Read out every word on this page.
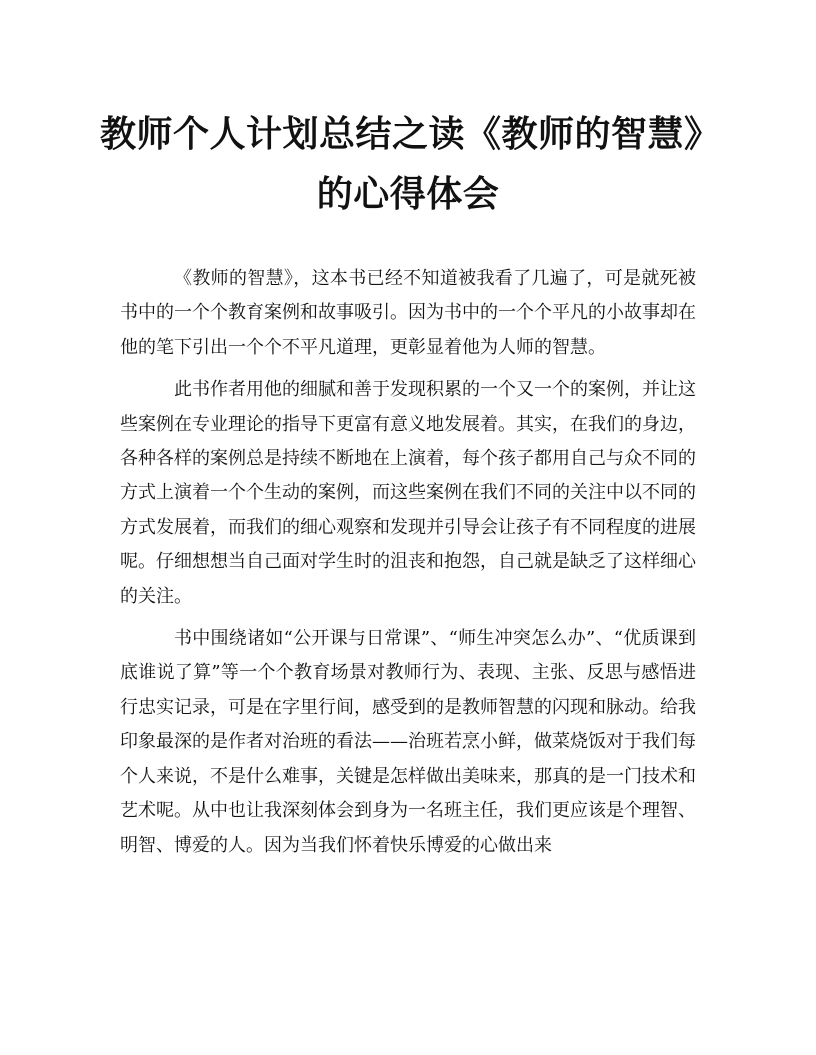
教师个人计划总结之读《教师的智慧》
的心得体会

《教师的智慧》，这本书已经不知道被我看了几遍了，可是就死被书中的一个个教育案例和故事吸引。因为书中的一个个平凡的小故事却在他的笔下引出一个个不平凡道理，更彰显着他为人师的智慧。

此书作者用他的细腻和善于发现积累的一个又一个的案例，并让这些案例在专业理论的指导下更富有意义地发展着。其实，在我们的身边，各种各样的案例总是持续不断地在上演着，每个孩子都用自己与众不同的方式上演着一个个生动的案例，而这些案例在我们不同的关注中以不同的方式发展着，而我们的细心观察和发现并引导会让孩子有不同程度的进展呢。仔细想想当自己面对学生时的沮丧和抱怨，自己就是缺乏了这样细心的关注。

书中围绕诸如“公开课与日常课”、“师生冲突怎么办”、“优质课到底谁说了算”等一个个教育场景对教师行为、表现、主张、反思与感悟进行忠实记录，可是在字里行间，感受到的是教师智慧的闪现和脉动。给我印象最深的是作者对治班的看法——治班若烹小鲜，做菜烧饭对于我们每个人来说，不是什么难事，关键是怎样做出美味来，那真的是一门技术和艺术呢。从中也让我深刻体会到身为一名班主任，我们更应该是个理智、明智、博爱的人。因为当我们怀着快乐博爱的心做出来
